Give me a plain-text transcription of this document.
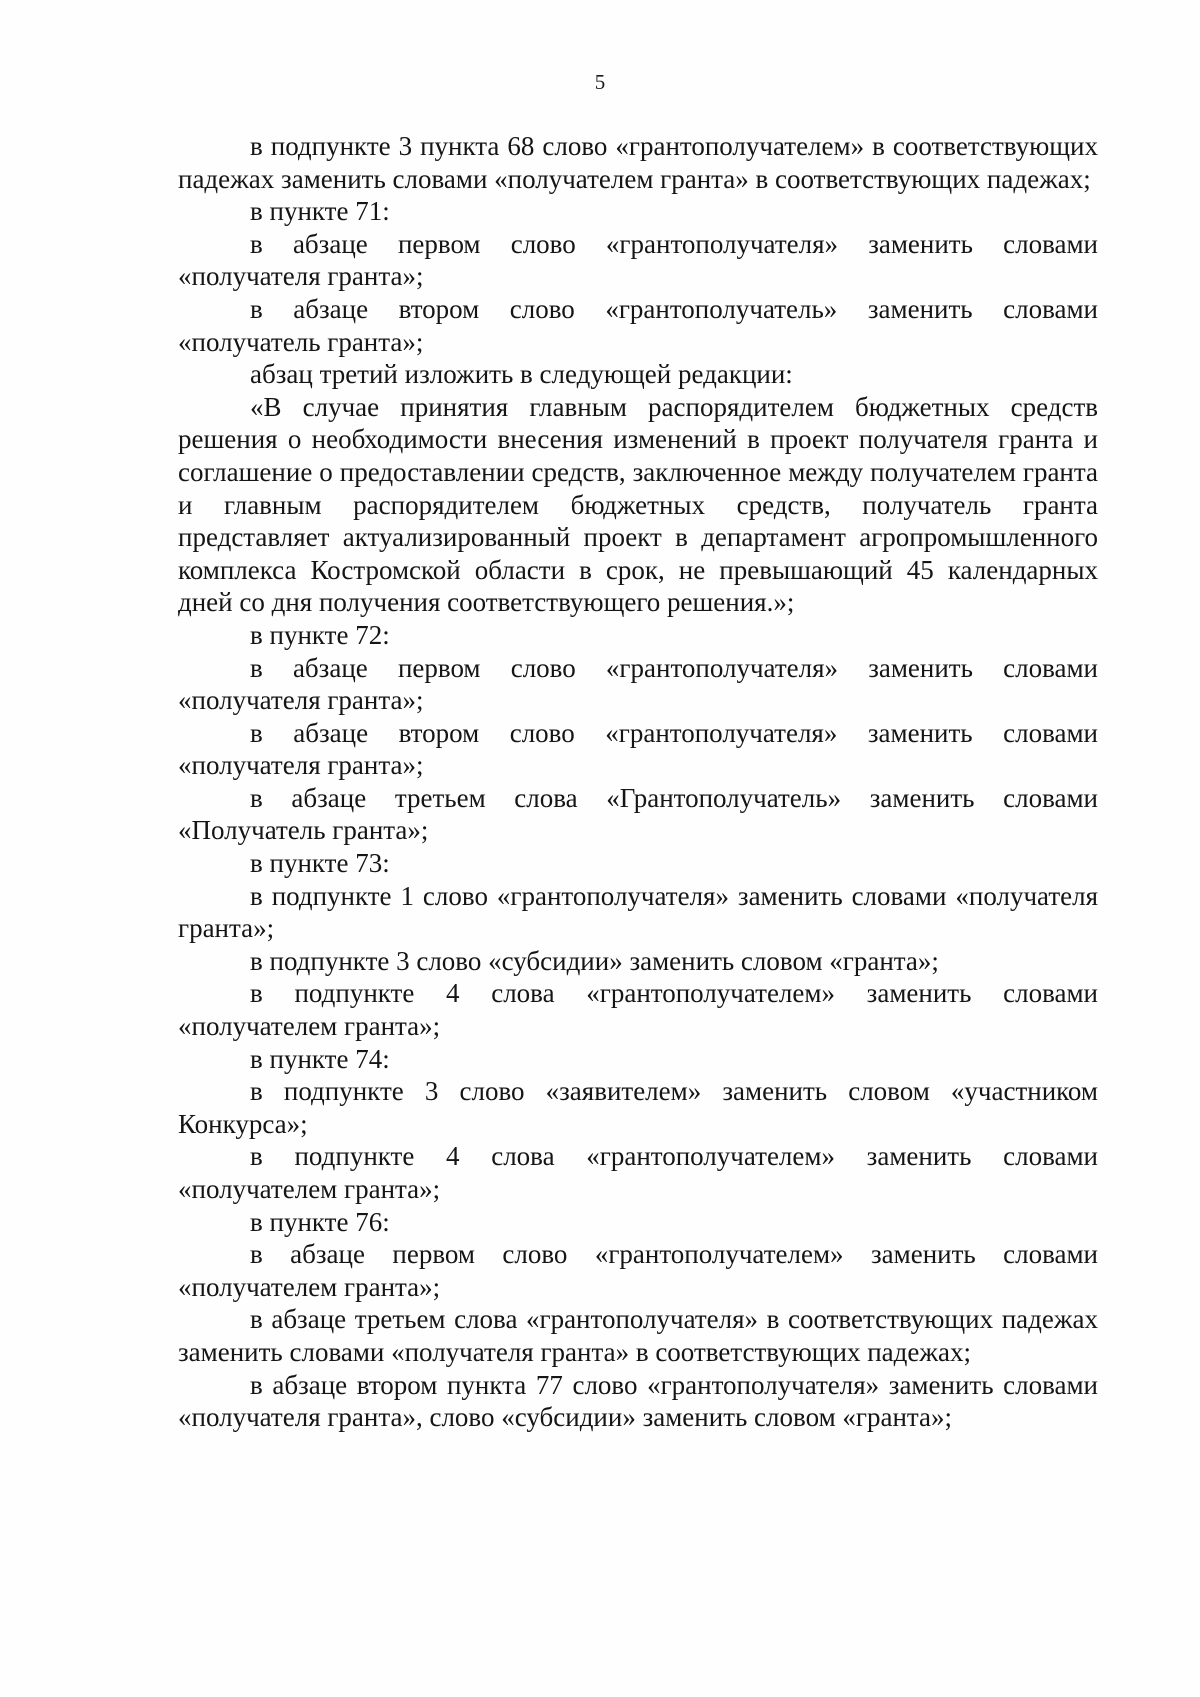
5

в подпункте 3 пункта 68 слово «грантополучателем» в соответствующих падежах заменить словами «получателем гранта» в соответствующих падежах;

в пункте 71:

в абзаце первом слово «грантополучателя» заменить словами «получателя гранта»;

в абзаце втором слово «грантополучатель» заменить словами «получатель гранта»;

абзац третий изложить в следующей редакции:

«В случае принятия главным распорядителем бюджетных средств решения о необходимости внесения изменений в проект получателя гранта и соглашение о предоставлении средств, заключенное между получателем гранта и главным распорядителем бюджетных средств, получатель гранта представляет актуализированный проект в департамент агропромышленного комплекса Костромской области в срок, не превышающий 45 календарных дней со дня получения соответствующего решения.»;

в пункте 72:

в абзаце первом слово «грантополучателя» заменить словами «получателя гранта»;

в абзаце втором слово «грантополучателя» заменить словами «получателя гранта»;

в абзаце третьем слова «Грантополучатель» заменить словами «Получатель гранта»;

в пункте 73:

в подпункте 1 слово «грантополучателя» заменить словами «получателя гранта»;

в подпункте 3 слово «субсидии» заменить словом «гранта»;

в подпункте 4 слова «грантополучателем» заменить словами «получателем гранта»;

в пункте 74:

в подпункте 3 слово «заявителем» заменить словом «участником Конкурса»;

в подпункте 4 слова «грантополучателем» заменить словами «получателем гранта»;

в пункте 76:

в абзаце первом слово «грантополучателем» заменить словами «получателем гранта»;

в абзаце третьем слова «грантополучателя» в соответствующих падежах заменить словами «получателя гранта» в соответствующих падежах;

в абзаце втором пункта 77 слово «грантополучателя» заменить словами «получателя гранта», слово «субсидии» заменить словом «гранта»;
